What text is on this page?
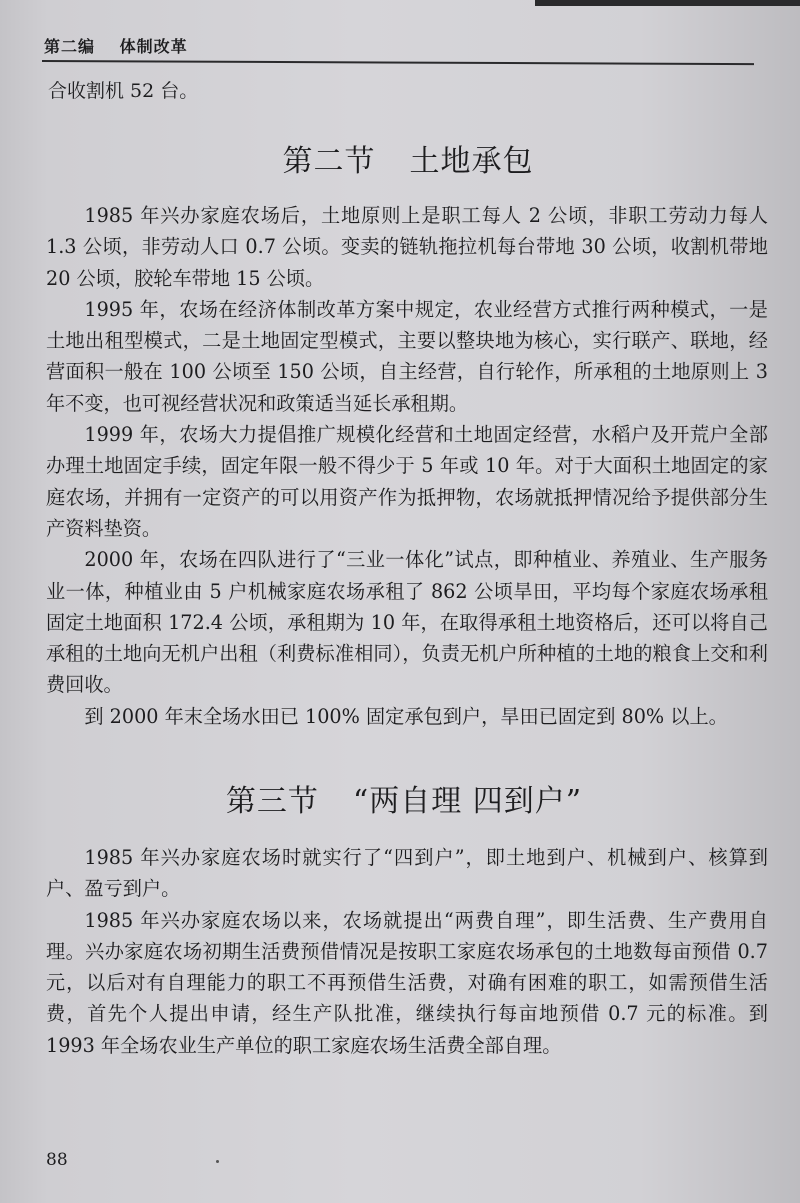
第二编 体制改革
合收割机 52 台。
第二节 土地承包

1985 年兴办家庭农场后，土地原则上是职工每人 2 公顷，非职工劳动力每人 1.3 公顷，非劳动人口 0.7 公顷。变卖的链轨拖拉机每台带地 30 公顷，收割机带地 20 公顷，胶轮车带地 15 公顷。

1995 年，农场在经济体制改革方案中规定，农业经营方式推行两种模式，一是土地出租型模式，二是土地固定型模式，主要以整块地为核心，实行联产、联地，经营面积一般在 100 公顷至 150 公顷，自主经营，自行轮作，所承租的土地原则上 3 年不变，也可视经营状况和政策适当延长承租期。

1999 年，农场大力提倡推广规模化经营和土地固定经营，水稻户及开荒户全部办理土地固定手续，固定年限一般不得少于 5 年或 10 年。对于大面积土地固定的家庭农场，并拥有一定资产的可以用资产作为抵押物，农场就抵押情况给予提供部分生产资料垫资。

2000 年，农场在四队进行了“三业一体化”试点，即种植业、养殖业、生产服务业一体，种植业由 5 户机械家庭农场承租了 862 公顷旱田，平均每个家庭农场承租固定土地面积 172.4 公顷，承租期为 10 年，在取得承租土地资格后，还可以将自己承租的土地向无机户出租（利费标准相同），负责无机户所种植的土地的粮食上交和利费回收。

到 2000 年末全场水田已 100% 固定承包到户，旱田已固定到 80% 以上。

第三节 “两自理 四到户”

1985 年兴办家庭农场时就实行了“四到户”，即土地到户、机械到户、核算到户、盈亏到户。

1985 年兴办家庭农场以来，农场就提出“两费自理”，即生活费、生产费用自理。兴办家庭农场初期生活费预借情况是按职工家庭农场承包的土地数每亩预借 0.7 元，以后对有自理能力的职工不再预借生活费，对确有困难的职工，如需预借生活费，首先个人提出申请，经生产队批准，继续执行每亩地预借 0.7 元的标准。到 1993 年全场农业生产单位的职工家庭农场生活费全部自理。

88
